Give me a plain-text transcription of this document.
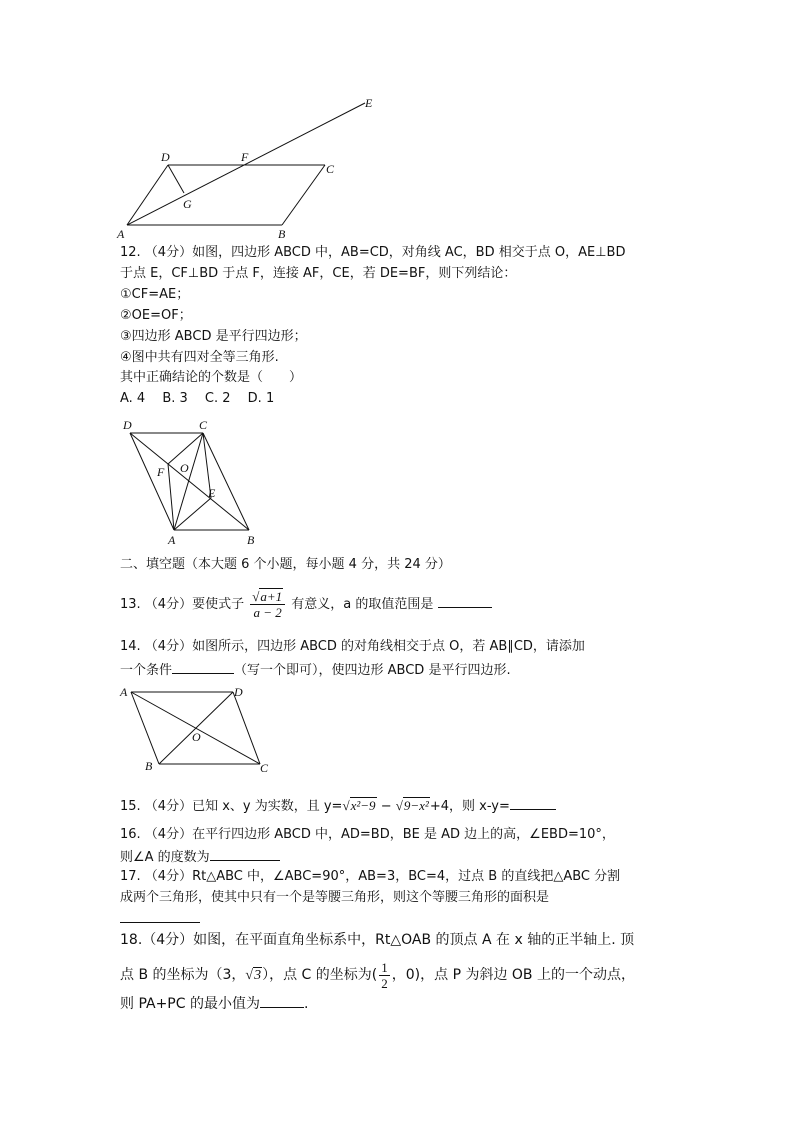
A	B
C
D
E
F
G
12. （4分）如图，四边形 ABCD 中，AB=CD，对角线 AC，BD 相交于点 O，AE⊥BD
于点 E，CF⊥BD 于点 F，连接 AF，CE，若 DE=BF，则下列结论：
①CF=AE；
②OE=OF；
③四边形 ABCD 是平行四边形；
④图中共有四对全等三角形.
其中正确结论的个数是（　　）
A. 4　 B. 3　 C. 2　 D. 1
D	C
F O
E
A	B
二、填空题（本大题 6 个小题，每小题 4 分，共 24 分）
13. （4分）要使式子 $\frac{√a+1}{a - 2}$ 有意义，a 的取值范围是
14. （4分）如图所示，四边形 ABCD 的对角线相交于点 O，若 AB∥CD，请添加
一个条件	（写一个即可），使四边形 ABCD 是平行四边形.
A	D
O
B	C
15. （4分）已知 x、y 为实数，且 y=√x²−9 − √9−x²+4，则 x-y=
16. （4分）在平行四边形 ABCD 中，AD=BD，BE 是 AD 边上的高，∠EBD=10°，
则∠A 的度数为
17. （4分）Rt△ABC 中，∠ABC=90°，AB=3，BC=4，过点 B 的直线把△ABC 分割
成两个三角形，使其中只有一个是等腰三角形，则这个等腰三角形的面积是
18.（4分）如图，在平面直角坐标系中，Rt△OAB 的顶点 A 在 x 轴的正半轴上. 顶
点 B 的坐标为（3，√3），点 C 的坐标为( $\frac{1}{2}$ ，0)，点 P 为斜边 OB 上的一个动点，
则 PA+PC 的最小值为	.
